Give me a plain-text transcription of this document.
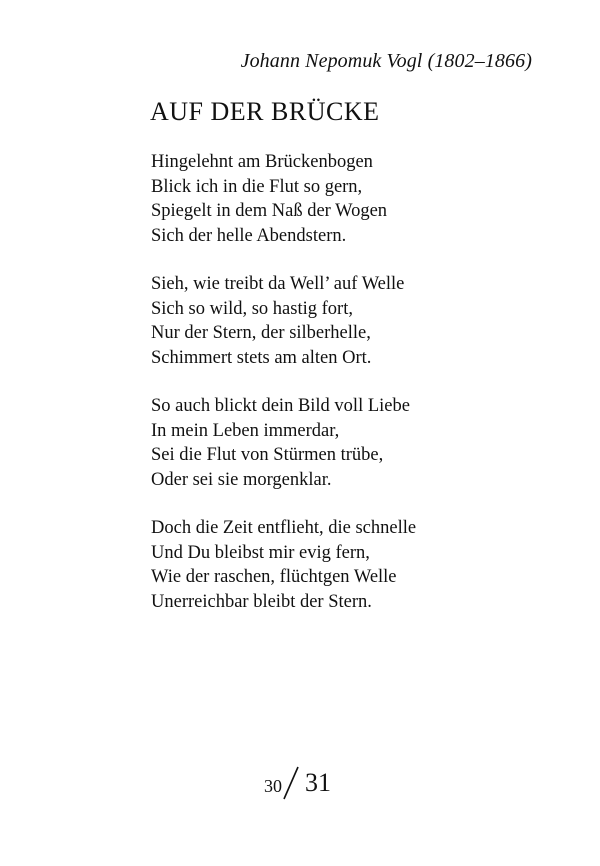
Johann Nepomuk Vogl (1802–1866)
AUF DER BRÜCKE
Hingelehnt am Brückenbogen
Blick ich in die Flut so gern,
Spiegelt in dem Naß der Wogen
Sich der helle Abendstern.
Sieh, wie treibt da Well’ auf Welle
Sich so wild, so hastig fort,
Nur der Stern, der silberhelle,
Schimmert stets am alten Ort.
So auch blickt dein Bild voll Liebe
In mein Leben immerdar,
Sei die Flut von Stürmen trübe,
Oder sei sie morgenklar.
Doch die Zeit entflieht, die schnelle
Und Du bleibst mir evig fern,
Wie der raschen, flüchtgen Welle
Unerreichbar bleibt der Stern.
30 31
